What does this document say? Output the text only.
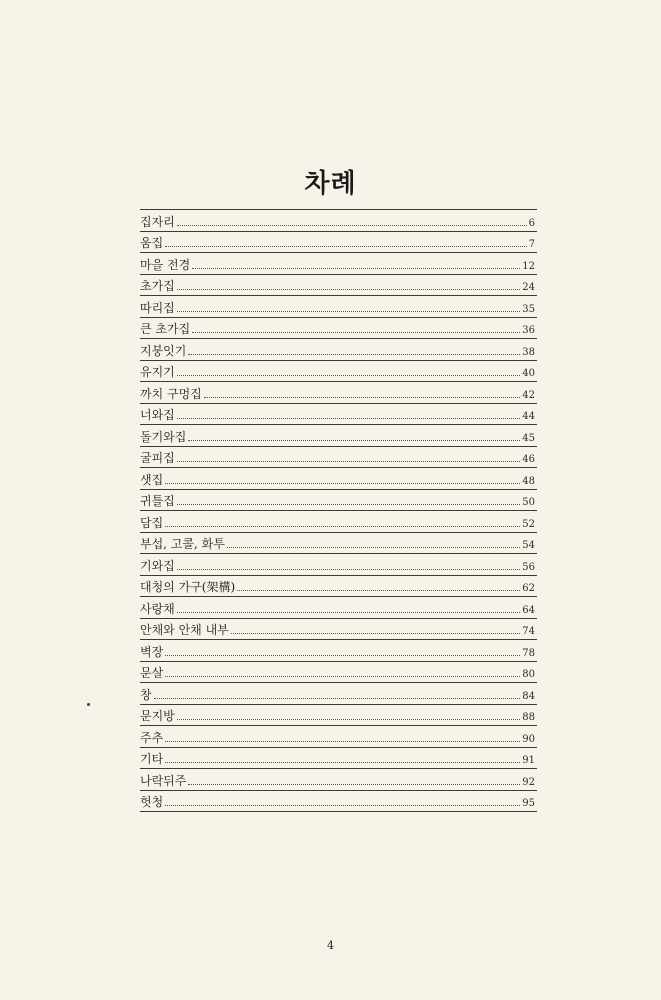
차례
집자리	6
움집	7
마을 전경	12
초가집	24
따리집	35
큰 초가집	36
지붕잇기	38
유지기	40
까치 구멍집	42
너와집	44
돌기와집	45
굴피집	46
샛집	48
귀틀집	50
담집	52
부섭, 고콜, 화투	54
기와집	56
대청의 가구(架構)	62
사랑채	64
안채와 안채 내부	74
벽장	78
문살	80
창	84
문지방	88
주추	90
기타	91
나락뒤주	92
헛청	95
4
